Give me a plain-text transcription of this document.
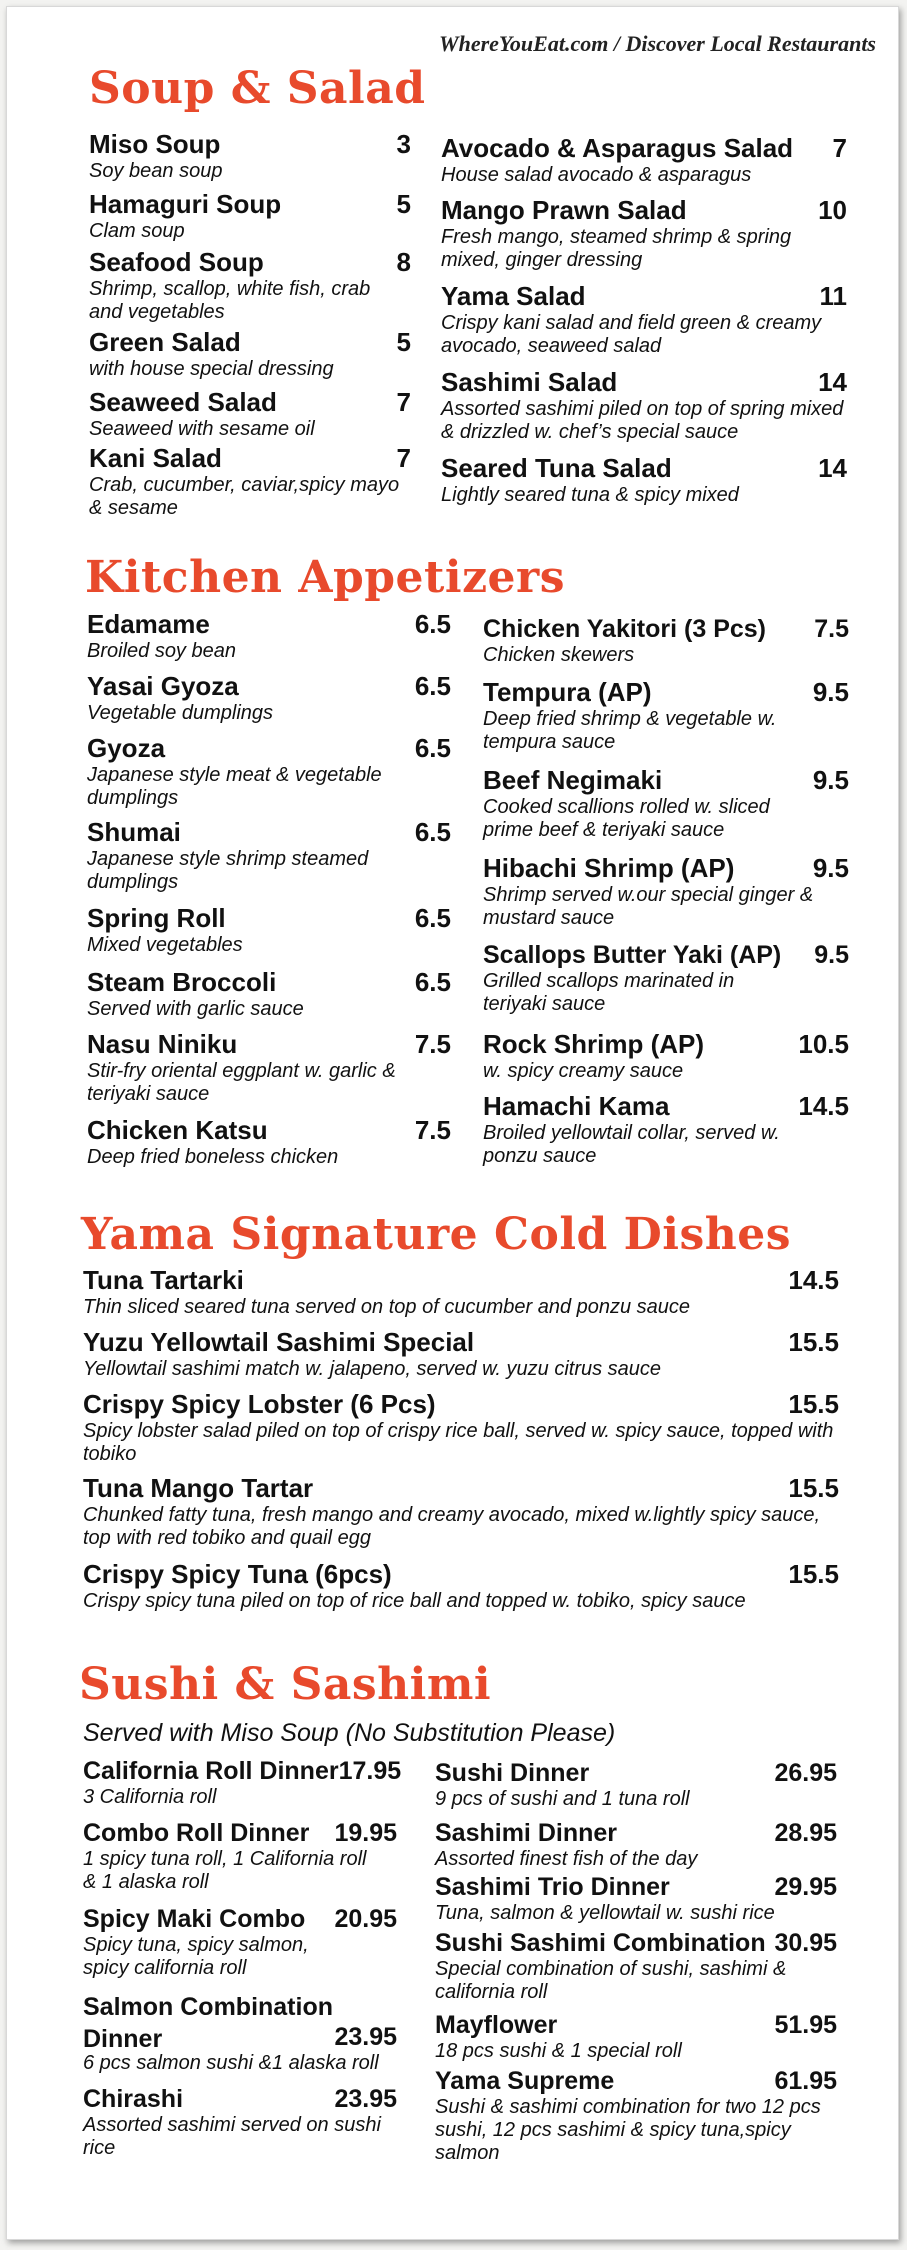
WhereYouEat.com / Discover Local Restaurants
Soup & Salad
Miso Soup	3
Soy bean soup
Hamaguri Soup	5
Clam soup
Seafood Soup	8
Shrimp, scallop, white fish, crab and vegetables
Green Salad	5
with house special dressing
Seaweed Salad	7
Seaweed with sesame oil
Kani Salad	7
Crab, cucumber, caviar,spicy mayo & sesame
Avocado & Asparagus Salad 7
House salad avocado & asparagus
Mango Prawn Salad	10
Fresh mango, steamed shrimp & spring mixed, ginger dressing
Yama Salad	11
Crispy kani salad and field green & creamy avocado, seaweed salad
Sashimi Salad	14
Assorted sashimi piled on top of spring mixed & drizzled w. chef’s special sauce
Seared Tuna Salad	14
Lightly seared tuna & spicy mixed
Kitchen Appetizers
Edamame	6.5
Broiled soy bean
Yasai Gyoza	6.5
Vegetable dumplings
Gyoza	6.5
Japanese style meat & vegetable dumplings
Shumai	6.5
Japanese style shrimp steamed dumplings
Spring Roll	6.5
Mixed vegetables
Steam Broccoli	6.5
Served with garlic sauce
Nasu Niniku	7.5
Stir-fry oriental eggplant w. garlic & teriyaki sauce
Chicken Katsu	7.5
Deep fried boneless chicken
Chicken Yakitori (3 Pcs) 7.5
Chicken skewers
Tempura (AP)	9.5
Deep fried shrimp & vegetable w. tempura sauce
Beef Negimaki	9.5
Cooked scallions rolled w. sliced prime beef & teriyaki sauce
Hibachi Shrimp (AP)	9.5
Shrimp served w.our special ginger & mustard sauce
Scallops Butter Yaki (AP) 9.5
Grilled scallops marinated in teriyaki sauce
Rock Shrimp (AP)	10.5
w. spicy creamy sauce
Hamachi Kama	14.5
Broiled yellowtail collar, served w. ponzu sauce
Yama Signature Cold Dishes
Tuna Tartarki	14.5
Thin sliced seared tuna served on top of cucumber and ponzu sauce
Yuzu Yellowtail Sashimi Special	15.5
Yellowtail sashimi match w. jalapeno, served w. yuzu citrus sauce
Crispy Spicy Lobster (6 Pcs)	15.5
Spicy lobster salad piled on top of crispy rice ball, served w. spicy sauce, topped with tobiko
Tuna Mango Tartar	15.5
Chunked fatty tuna, fresh mango and creamy avocado, mixed w.lightly spicy sauce, top with red tobiko and quail egg
Crispy Spicy Tuna (6pcs)	15.5
Crispy spicy tuna piled on top of rice ball and topped w. tobiko, spicy sauce
Sushi & Sashimi
Served with Miso Soup (No Substitution Please)
California Roll Dinner 17.95
3 California roll
Combo Roll Dinner 19.95
1 spicy tuna roll, 1 California roll & 1 alaska roll
Spicy Maki Combo 20.95
Spicy tuna, spicy salmon, spicy california roll
Salmon Combination Dinner	23.95
6 pcs salmon sushi &1 alaska roll
Chirashi	23.95
Assorted sashimi served on sushi rice
Sushi Dinner	26.95
9 pcs of sushi and 1 tuna roll
Sashimi Dinner	28.95
Assorted finest fish of the day
Sashimi Trio Dinner	29.95
Tuna, salmon & yellowtail w. sushi rice
Sushi Sashimi Combination 30.95
Special combination of sushi, sashimi & california roll
Mayflower	51.95
18 pcs sushi & 1 special roll
Yama Supreme	61.95
Sushi & sashimi combination for two 12 pcs sushi, 12 pcs sashimi & spicy tuna,spicy salmon
